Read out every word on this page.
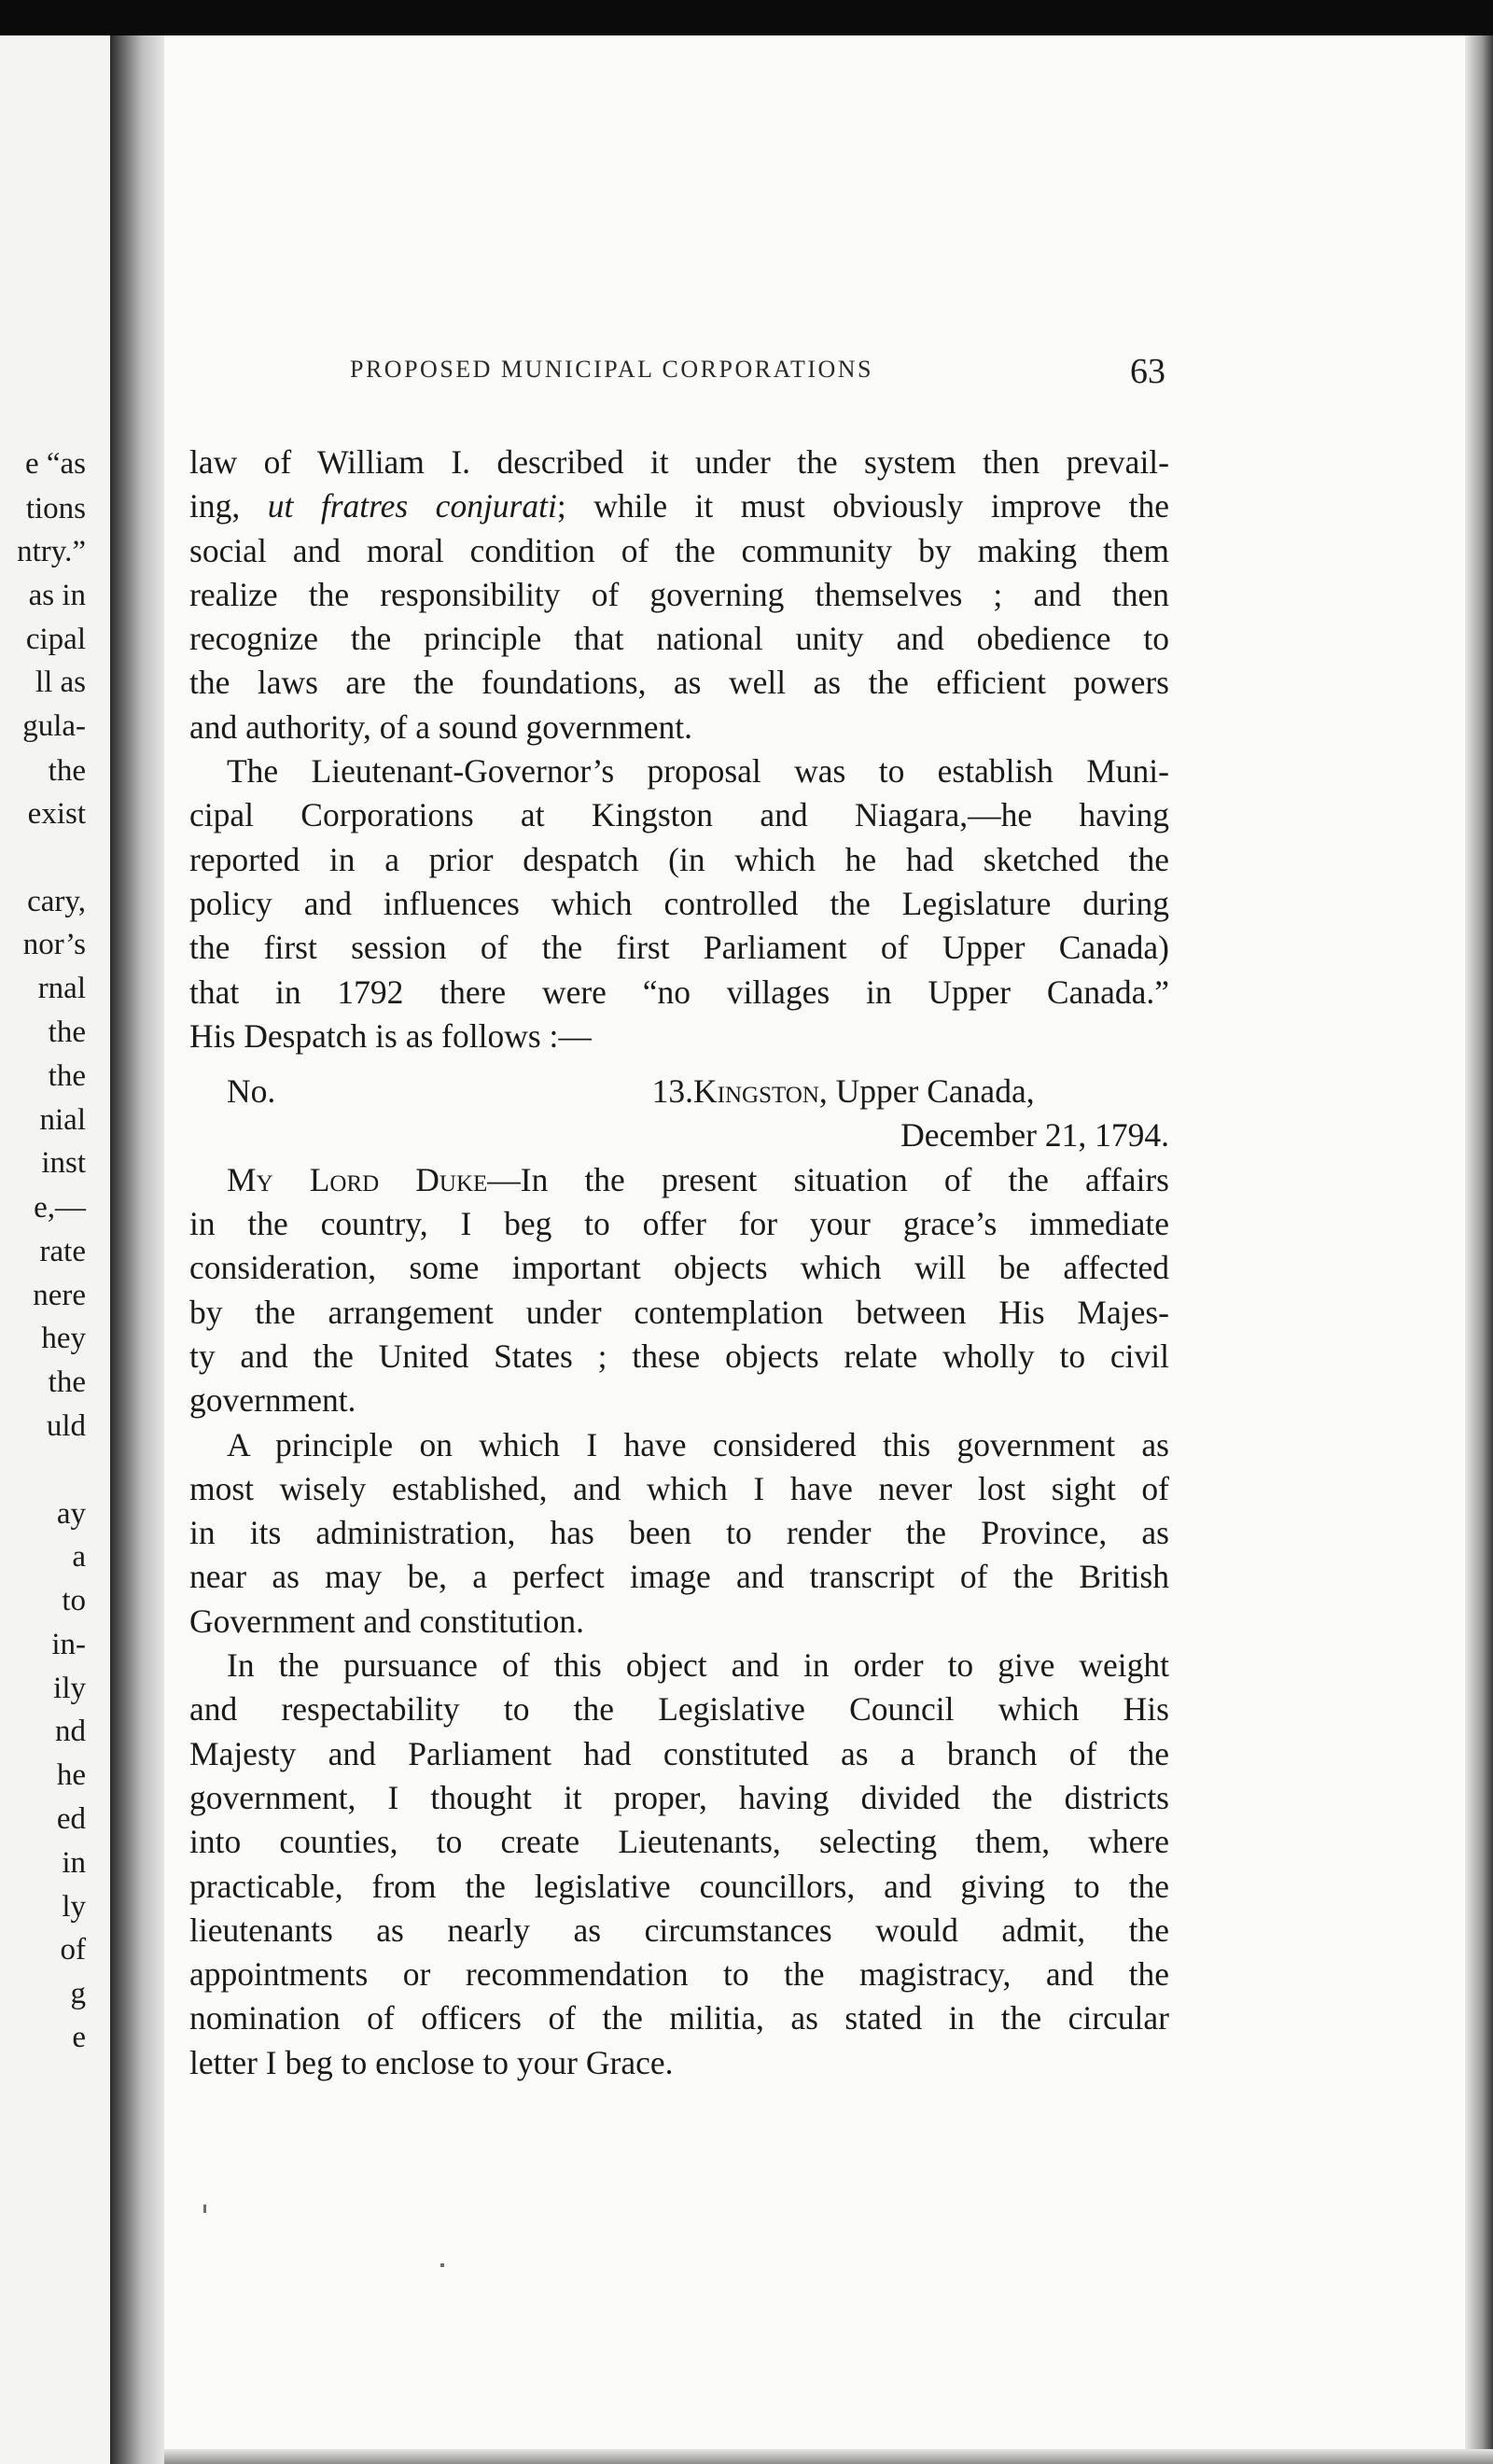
e “as
tions
ntry.”
as in
cipal
ll as
gula-
the
exist
cary,
nor’s
rnal
the
the
nial
inst
e,—
rate
nere
hey
the
uld
ay
a
to
in-
ily
nd
he
ed
in
ly
of
g
e
PROPOSED MUNICIPAL CORPORATIONS	63
law of William I. described it under the system then prevail-
ing, ut fratres conjurati; while it must obviously improve the
social and moral condition of the community by making them
realize the responsibility of governing themselves ; and then
recognize the principle that national unity and obedience to
the laws are the foundations, as well as the efficient powers
and authority, of a sound government.
The Lieutenant-Governor’s proposal was to establish Muni-
cipal Corporations at Kingston and Niagara,—he having
reported in a prior despatch (in which he had sketched the
policy and influences which controlled the Legislature during
the first session of the first Parliament of Upper Canada)
that in 1792 there were “no villages in Upper Canada.”
His Despatch is as follows :—
No. 13. Kingston, Upper Canada,
December 21, 1794.
My Lord Duke—In the present situation of the affairs
in the country, I beg to offer for your grace’s immediate
consideration, some important objects which will be affected
by the arrangement under contemplation between His Majes-
ty and the United States ; these objects relate wholly to civil
government.
A principle on which I have considered this government as
most wisely established, and which I have never lost sight of
in its administration, has been to render the Province, as
near as may be, a perfect image and transcript of the British
Government and constitution.
In the pursuance of this object and in order to give weight
and respectability to the Legislative Council which His
Majesty and Parliament had constituted as a branch of the
government, I thought it proper, having divided the districts
into counties, to create Lieutenants, selecting them, where
practicable, from the legislative councillors, and giving to the
lieutenants as nearly as circumstances would admit, the
appointments or recommendation to the magistracy, and the
nomination of officers of the militia, as stated in the circular
letter I beg to enclose to your Grace.
